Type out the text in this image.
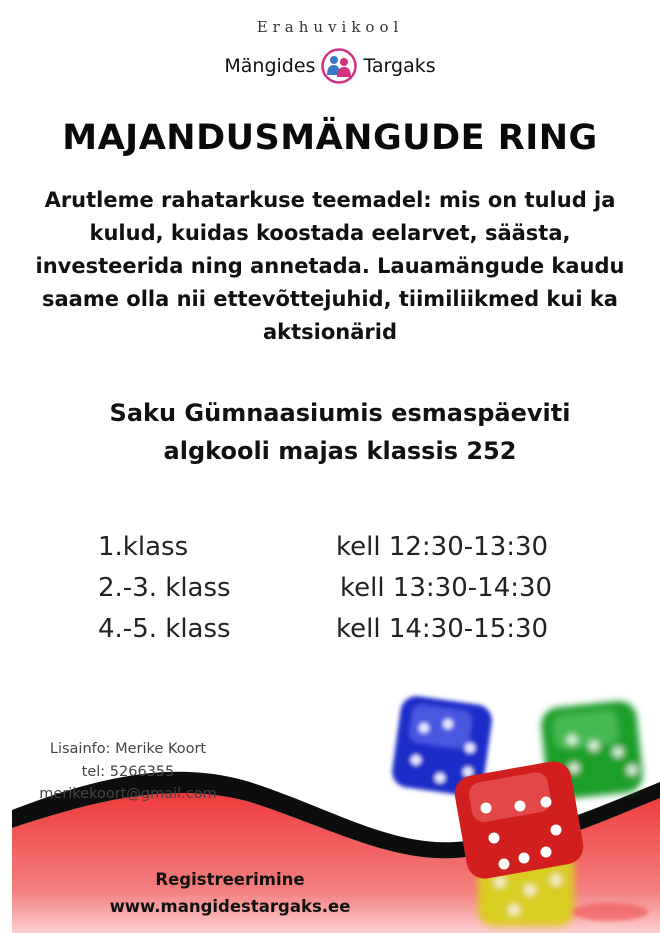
Erahuvikool
Mängides	Targaks
MAJANDUSMÄNGUDE RING
Arutleme rahatarkuse teemadel: mis on tulud ja kulud, kuidas koostada eelarvet, säästa, investeerida ning annetada. Lauamängude kaudu saame olla nii ettevõttejuhid, tiimiliikmed kui ka aktsionärid
Saku Gümnaasiumis esmaspäeviti
algkooli majas klassis 252
1.klass	kell 12:30-13:30
2.-3. klass	kell 13:30-14:30
4.-5. klass	kell 14:30-15:30
Lisainfo: Merike Koort
tel: 5266355
merikekoort@gmail.com
Registreerimine
www.mangidestargaks.ee
